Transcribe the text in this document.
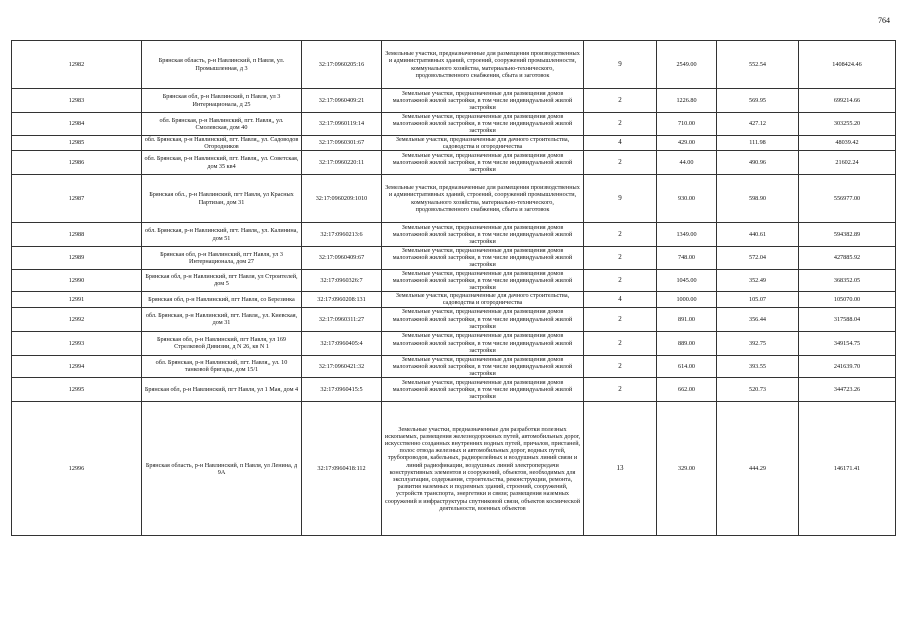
764
12982	Брянская область, р-н Навлинский, п Навля, ул. Промышленная, д 3	32:17:0960205:16	Земельные участки, предназначенные для размещения производственных и административных зданий, строений, сооружений промышленности, коммунального хозяйства, материально-технического, продовольственного снабжения, сбыта и заготовок	9	2549.00	552.54	1408424.46
12983	Брянская обл, р-н Навлинский, п Навля, ул 3 Интернационала, д 25	32:17:0960409:21	Земельные участки, предназначенные для размещения домов малоэтажной жилой застройки, в том числе индивидуальной жилой застройки	2	1226.80	569.95	699214.66
12984	обл. Брянская, р-н Навлинский, пгт. Навля,, ул. Смолевская, дом 40	32:17:0960119:14	Земельные участки, предназначенные для размещения домов малоэтажной жилой застройки, в том числе индивидуальной жилой застройки	2	710.00	427.12	303255.20
12985	обл. Брянская, р-н Навлинский, пгт. Навля,, ул. Садоводов Огородников	32:17:0960301:67	Земельные участки, предназначенные для дачного строительства, садоводства и огородничества	4	429.00	111.98	48039.42
12986	обл. Брянская, р-н Навлинский, пгт. Навля,, ул. Советская, дом 35 кв4	32:17:0960220:11	Земельные участки, предназначенные для размещения домов малоэтажной жилой застройки, в том числе индивидуальной жилой застройки	2	44.00	490.96	21602.24
12987	Брянская обл., р-н Навлинский, пгт Навля, ул Красных Партизан, дом 31	32:17:0960209:1010	Земельные участки, предназначенные для размещения производственных и административных зданий, строений, сооружений промышленности, коммунального хозяйства, материально-технического, продовольственного снабжения, сбыта и заготовок	9	930.00	598.90	556977.00
12988	обл. Брянская, р-н Навлинский, пгт. Навля,, ул. Калинина, дом 51	32:17:0960213:6	Земельные участки, предназначенные для размещения домов малоэтажной жилой застройки, в том числе индивидуальной жилой застройки	2	1349.00	440.61	594382.89
12989	Брянская обл, р-н Навлинский, пгт Навля, ул 3 Интернационала, дом 27	32:17:0960409:67	Земельные участки, предназначенные для размещения домов малоэтажной жилой застройки, в том числе индивидуальной жилой застройки	2	748.00	572.04	427885.92
12990	Брянская обл, р-н Навлинский, пгт Навля, ул Строителей, дом 5	32:17:0960326:7	Земельные участки, предназначенные для размещения домов малоэтажной жилой застройки, в том числе индивидуальной жилой застройки	2	1045.00	352.49	368352.05
12991	Брянская обл, р-н Навлинский, пгт Навля, со Березинка	32:17:0960208:131	Земельные участки, предназначенные для дачного строительства, садоводства и огородничества	4	1000.00	105.07	105070.00
12992	обл. Брянская, р-н Навлинский, пгт. Навля,, ул. Киевская, дом 31	32:17:0960311:27	Земельные участки, предназначенные для размещения домов малоэтажной жилой застройки, в том числе индивидуальной жилой застройки	2	891.00	356.44	317588.04
12993	Брянская обл, р-н Навлинский, пгт Навля, ул 169 Стрелковой Дивизии, д N 26, кв N 1	32:17:0960405:4	Земельные участки, предназначенные для размещения домов малоэтажной жилой застройки, в том числе индивидуальной жилой застройки	2	889.00	392.75	349154.75
12994	обл. Брянская, р-н Навлинский, пгт. Навля,, ул. 10 танковой бригады, дом 15/1	32:17:0960421:32	Земельные участки, предназначенные для размещения домов малоэтажной жилой застройки, в том числе индивидуальной жилой застройки	2	614.00	393.55	241639.70
12995	Брянская обл, р-н Навлинский, пгт Навля, ул 1 Мая, дом 4	32:17:0960415:5	Земельные участки, предназначенные для размещения домов малоэтажной жилой застройки, в том числе индивидуальной жилой застройки	2	662.00	520.73	344723.26
12996	Брянская область, р-н Навлинский, п Навля, ул Ленина, д 9А	32:17:0960418:112	Земельные участки, предназначенные для разработки полезных ископаемых, размещения железнодорожных путей, автомобильных дорог, искусственно созданных внутренних водных путей, причалов, пристаней, полос отвода железных и автомобильных дорог, водных путей, трубопроводов, кабельных, радиорелейных и воздушных линий связи и линий радиофикации, воздушных линий электропередачи конструктивных элементов и сооружений, объектов, необходимых для эксплуатации, содержания, строительства, реконструкции, ремонта, развития наземных и подземных зданий, строений, сооружений, устройств транспорта, энергетики и связи; размещения наземных сооружений и инфраструктуры спутниковой связи, объектов космической деятельности, военных объектов	13	329.00	444.29	146171.41
